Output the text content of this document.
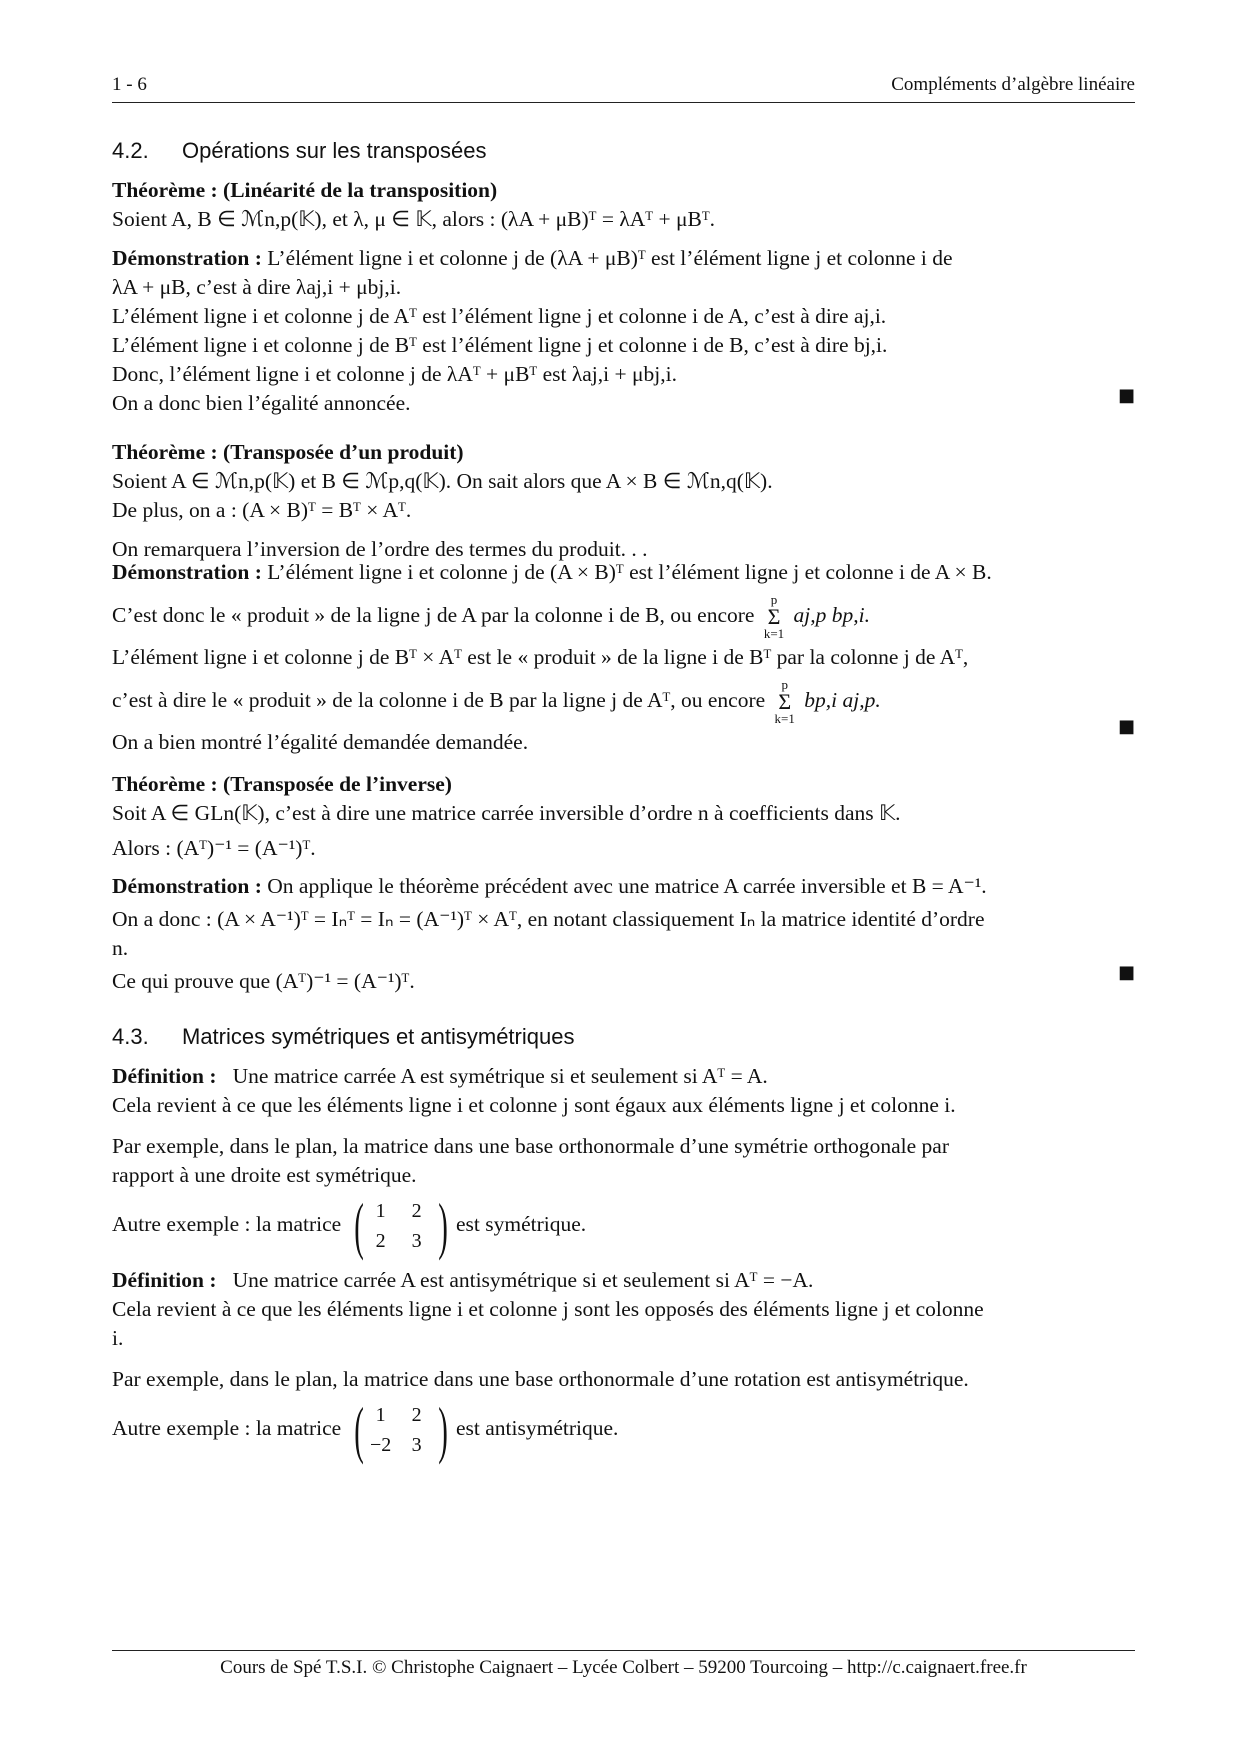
1 - 6	Compléments d’algèbre linéaire
4.2. Opérations sur les transposées

Théorème : (Linéarité de la transposition)

Soient A, B ∈ ℳn,p(𝕂), et λ, μ ∈ 𝕂, alors : (λA + μB)ᵀ = λAᵀ + μBᵀ.

Démonstration : L’élément ligne i et colonne j de (λA + μB)ᵀ est l’élément ligne j et colonne i de

λA + μB, c’est à dire λaj,i + μbj,i.

L’élément ligne i et colonne j de Aᵀ est l’élément ligne j et colonne i de A, c’est à dire aj,i.

L’élément ligne i et colonne j de Bᵀ est l’élément ligne j et colonne i de B, c’est à dire bj,i.

Donc, l’élément ligne i et colonne j de λAᵀ + μBᵀ est λaj,i + μbj,i.

On a donc bien l’égalité annoncée.	■

Théorème : (Transposée d’un produit)

Soient A ∈ ℳn,p(𝕂) et B ∈ ℳp,q(𝕂). On sait alors que A × B ∈ ℳn,q(𝕂).

De plus, on a : (A × B)ᵀ = Bᵀ × Aᵀ.

On remarquera l’inversion de l’ordre des termes du produit. . .

Démonstration : L’élément ligne i et colonne j de (A × B)ᵀ est l’élément ligne j et colonne i de A × B.

C’est donc le « produit » de la ligne j de A par la colonne i de B, ou encore p
Σ
k=1 aj,p bp,i.

L’élément ligne i et colonne j de Bᵀ × Aᵀ est le « produit » de la ligne i de Bᵀ par la colonne j de Aᵀ,

c’est à dire le « produit » de la colonne i de B par la ligne j de Aᵀ, ou encore p
Σ
k=1 bp,i aj,p.

On a bien montré l’égalité demandée demandée.

■

Théorème : (Transposée de l’inverse)

Soit A ∈ GLn(𝕂), c’est à dire une matrice carrée inversible d’ordre n à coefficients dans 𝕂.

Alors : (Aᵀ)⁻¹ = (A⁻¹)ᵀ.

Démonstration : On applique le théorème précédent avec une matrice A carrée inversible et B = A⁻¹.

On a donc : (A × A⁻¹)ᵀ = Iₙᵀ = Iₙ = (A⁻¹)ᵀ × Aᵀ, en notant classiquement Iₙ la matrice identité d’ordre

n.

Ce qui prouve que (Aᵀ)⁻¹ = (A⁻¹)ᵀ.	■
4.3. Matrices symétriques et antisymétriques

Définition : Une matrice carrée A est symétrique si et seulement si Aᵀ = A.

Cela revient à ce que les éléments ligne i et colonne j sont égaux aux éléments ligne j et colonne i.

Par exemple, dans le plan, la matrice dans une base orthonormale d’une symétrie orthogonale par

rapport à une droite est symétrique.

Autre exemple : la matrice ( 1	2
2	3 ) est symétrique.

Définition : Une matrice carrée A est antisymétrique si et seulement si Aᵀ = −A.

Cela revient à ce que les éléments ligne i et colonne j sont les opposés des éléments ligne j et colonne

i.

Par exemple, dans le plan, la matrice dans une base orthonormale d’une rotation est antisymétrique.

Autre exemple : la matrice ( 1	2
−2	3 ) est antisymétrique.

Cours de Spé T.S.I. © Christophe Caignaert – Lycée Colbert – 59200 Tourcoing – http://c.caignaert.free.fr
